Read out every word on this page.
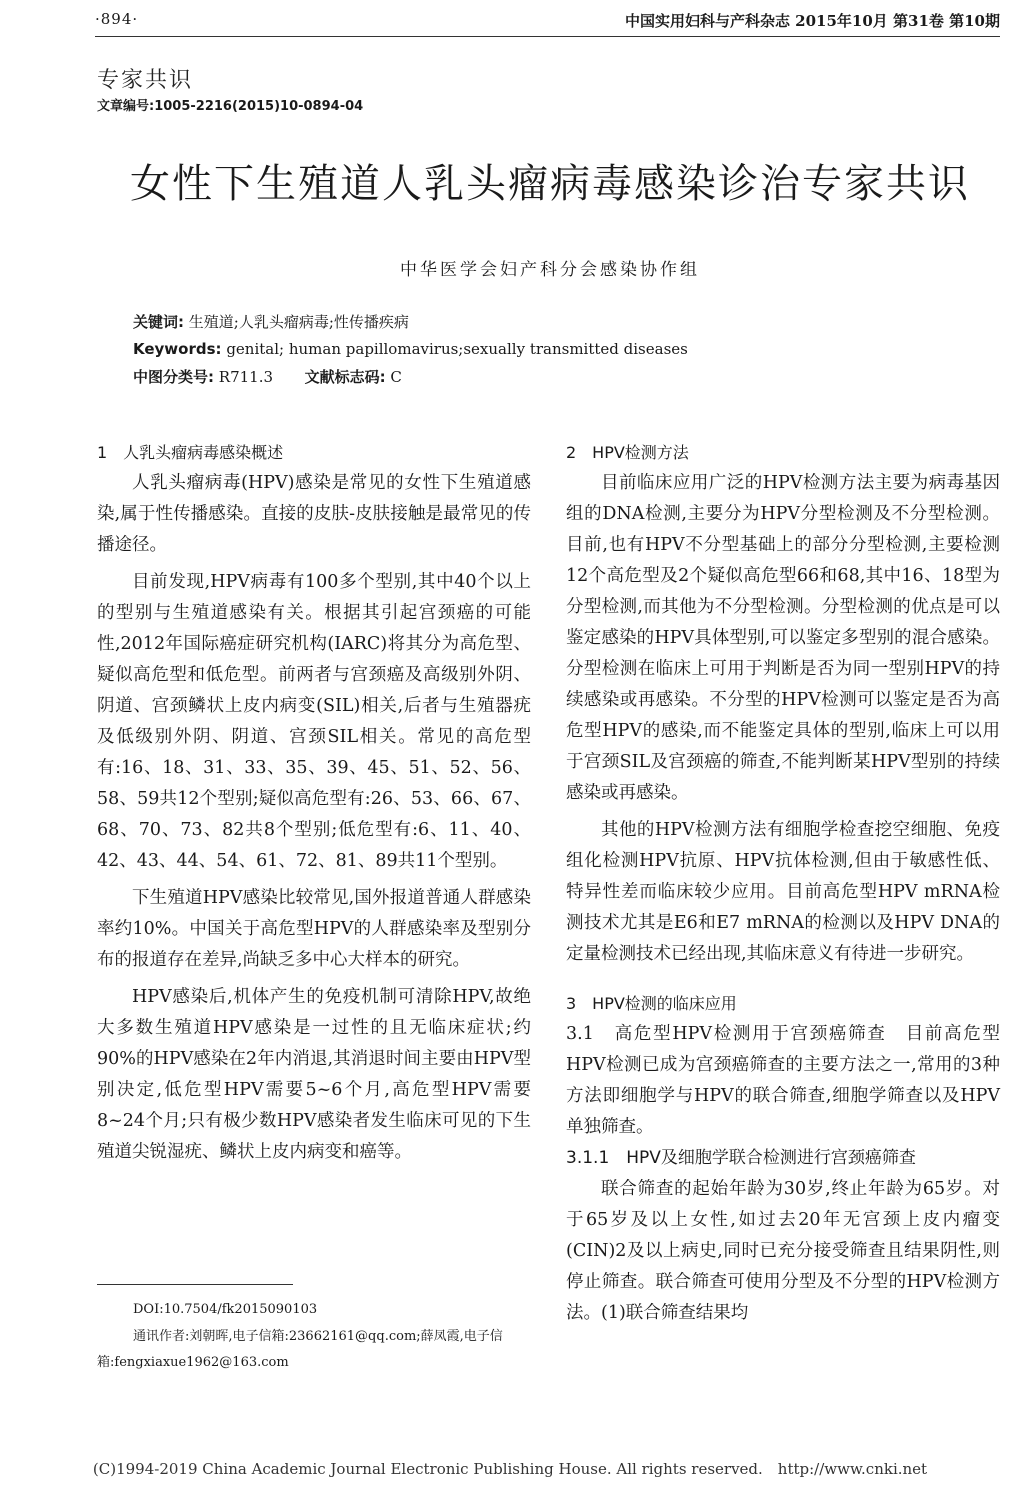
·894·	中国实用妇科与产科杂志 2015年10月 第31卷 第10期
专家共识
文章编号:1005-2216(2015)10-0894-04
女性下生殖道人乳头瘤病毒感染诊治专家共识
中华医学会妇产科分会感染协作组
关键词: 生殖道;人乳头瘤病毒;性传播疾病
Keywords: genital; human papillomavirus;sexually transmitted diseases
中图分类号: R711.3 文献标志码: C
1　人乳头瘤病毒感染概述

人乳头瘤病毒(HPV)感染是常见的女性下生殖道感染,属于性传播感染。直接的皮肤-皮肤接触是最常见的传播途径。

目前发现,HPV病毒有100多个型别,其中40个以上的型别与生殖道感染有关。根据其引起宫颈癌的可能性,2012年国际癌症研究机构(IARC)将其分为高危型、疑似高危型和低危型。前两者与宫颈癌及高级别外阴、阴道、宫颈鳞状上皮内病变(SIL)相关,后者与生殖器疣及低级别外阴、阴道、宫颈SIL相关。常见的高危型有:16、18、31、33、35、39、45、51、52、56、58、59共12个型别;疑似高危型有:26、53、66、67、68、70、73、82共8个型别;低危型有:6、11、40、42、43、44、54、61、72、81、89共11个型别。

下生殖道HPV感染比较常见,国外报道普通人群感染率约10%。中国关于高危型HPV的人群感染率及型别分布的报道存在差异,尚缺乏多中心大样本的研究。

HPV感染后,机体产生的免疫机制可清除HPV,故绝大多数生殖道HPV感染是一过性的且无临床症状;约90%的HPV感染在2年内消退,其消退时间主要由HPV型别决定,低危型HPV需要5~6个月,高危型HPV需要8~24个月;只有极少数HPV感染者发生临床可见的下生殖道尖锐湿疣、鳞状上皮内病变和癌等。

2　HPV检测方法

目前临床应用广泛的HPV检测方法主要为病毒基因组的DNA检测,主要分为HPV分型检测及不分型检测。目前,也有HPV不分型基础上的部分分型检测,主要检测12个高危型及2个疑似高危型66和68,其中16、18型为分型检测,而其他为不分型检测。分型检测的优点是可以鉴定感染的HPV具体型别,可以鉴定多型别的混合感染。分型检测在临床上可用于判断是否为同一型别HPV的持续感染或再感染。不分型的HPV检测可以鉴定是否为高危型HPV的感染,而不能鉴定具体的型别,临床上可以用于宫颈SIL及宫颈癌的筛查,不能判断某HPV型别的持续感染或再感染。

其他的HPV检测方法有细胞学检查挖空细胞、免疫组化检测HPV抗原、HPV抗体检测,但由于敏感性低、特异性差而临床较少应用。目前高危型HPV mRNA检测技术尤其是E6和E7 mRNA的检测以及HPV DNA的定量检测技术已经出现,其临床意义有待进一步研究。

3　HPV检测的临床应用

3.1　高危型HPV检测用于宫颈癌筛查　目前高危型HPV检测已成为宫颈癌筛查的主要方法之一,常用的3种方法即细胞学与HPV的联合筛查,细胞学筛查以及HPV单独筛查。

3.1.1　HPV及细胞学联合检测进行宫颈癌筛查

联合筛查的起始年龄为30岁,终止年龄为65岁。对于65岁及以上女性,如过去20年无宫颈上皮内瘤变(CIN)2及以上病史,同时已充分接受筛查且结果阴性,则停止筛查。联合筛查可使用分型及不分型的HPV检测方法。(1)联合筛查结果均

DOI:10.7504/fk2015090103
通讯作者:刘朝晖,电子信箱:23662161@qq.com;薛凤霞,电子信箱:fengxiaxue1962@163.com
(C)1994-2019 China Academic Journal Electronic Publishing House. All rights reserved.　http://www.cnki.net
